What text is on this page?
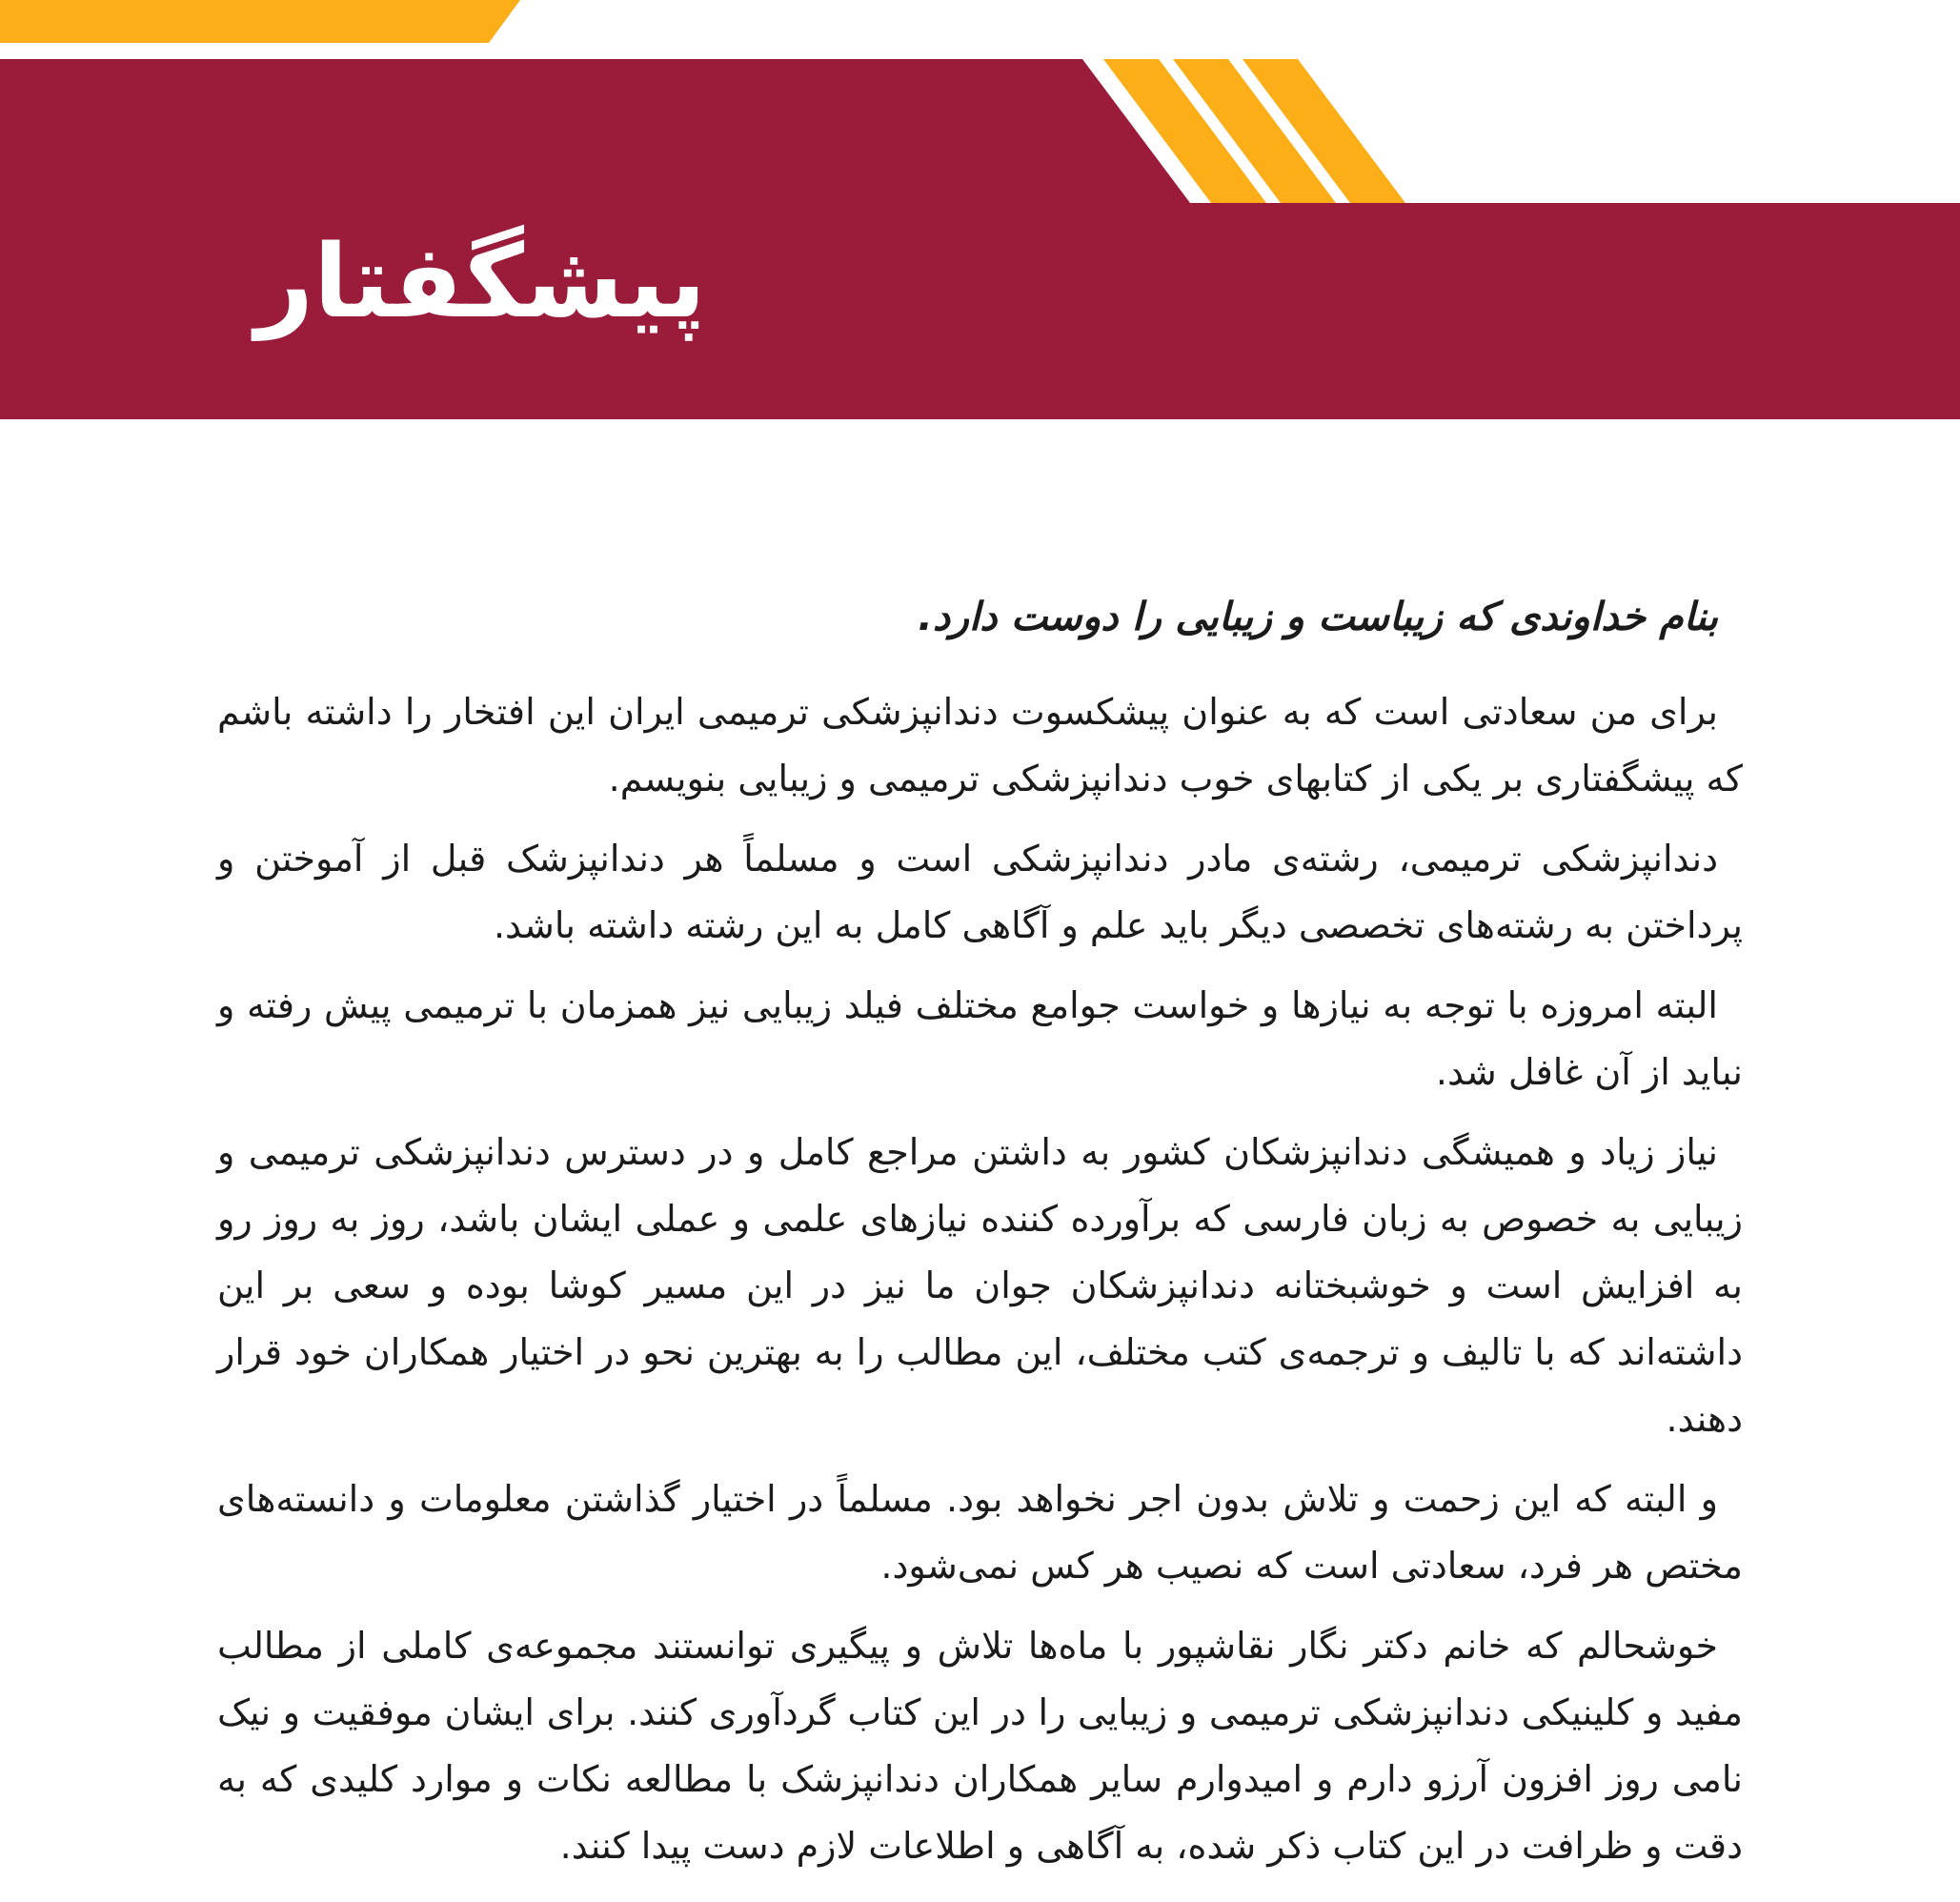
پیشگفتار

بنام خداوندی که زیباست و زیبایی را دوست دارد.

برای من سعادتی است که به عنوان پیشکسوت دندانپزشکی ترمیمی ایران این افتخار را داشته باشم که پیشگفتاری بر یکی از کتابهای خوب دندانپزشکی ترمیمی و زیبایی بنویسم.

دندانپزشکی ترمیمی، رشته‌ی مادر دندانپزشکی است و مسلماً هر دندانپزشک قبل از آموختن و پرداختن به رشته‌های تخصصی دیگر باید علم و آگاهی کامل به این رشته داشته باشد.

البته امروزه با توجه به نیازها و خواست جوامع مختلف فیلد زیبایی نیز همزمان با ترمیمی پیش رفته و نباید از آن غافل شد.

نیاز زیاد و همیشگی دندانپزشکان کشور به داشتن مراجع کامل و در دسترس دندانپزشکی ترمیمی و زیبایی به خصوص به زبان فارسی که برآورده کننده نیازهای علمی و عملی ایشان باشد، روز به روز رو به افزایش است و خوشبختانه دندانپزشکان جوان ما نیز در این مسیر کوشا بوده و سعی بر این داشته‌اند که با تالیف و ترجمه‌ی کتب مختلف، این مطالب را به بهترین نحو در اختیار همکاران خود قرار دهند.

و البته که این زحمت و تلاش بدون اجر نخواهد بود. مسلماً در اختیار گذاشتن معلومات و دانسته‌های مختص هر فرد، سعادتی است که نصیب هر کس نمی‌شود.

خوشحالم که خانم دکتر نگار نقاشپور با ماه‌ها تلاش و پیگیری توانستند مجموعه‌ی کاملی از مطالب مفید و کلینیکی دندانپزشکی ترمیمی و زیبایی را در این کتاب گردآوری کنند. برای ایشان موفقیت و نیک نامی روز افزون آرزو دارم و امیدوارم سایر همکاران دندانپزشک با مطالعه نکات و موارد کلیدی که به دقت و ظرافت در این کتاب ذکر شده، به آگاهی و اطلاعات لازم دست پیدا کنند.
